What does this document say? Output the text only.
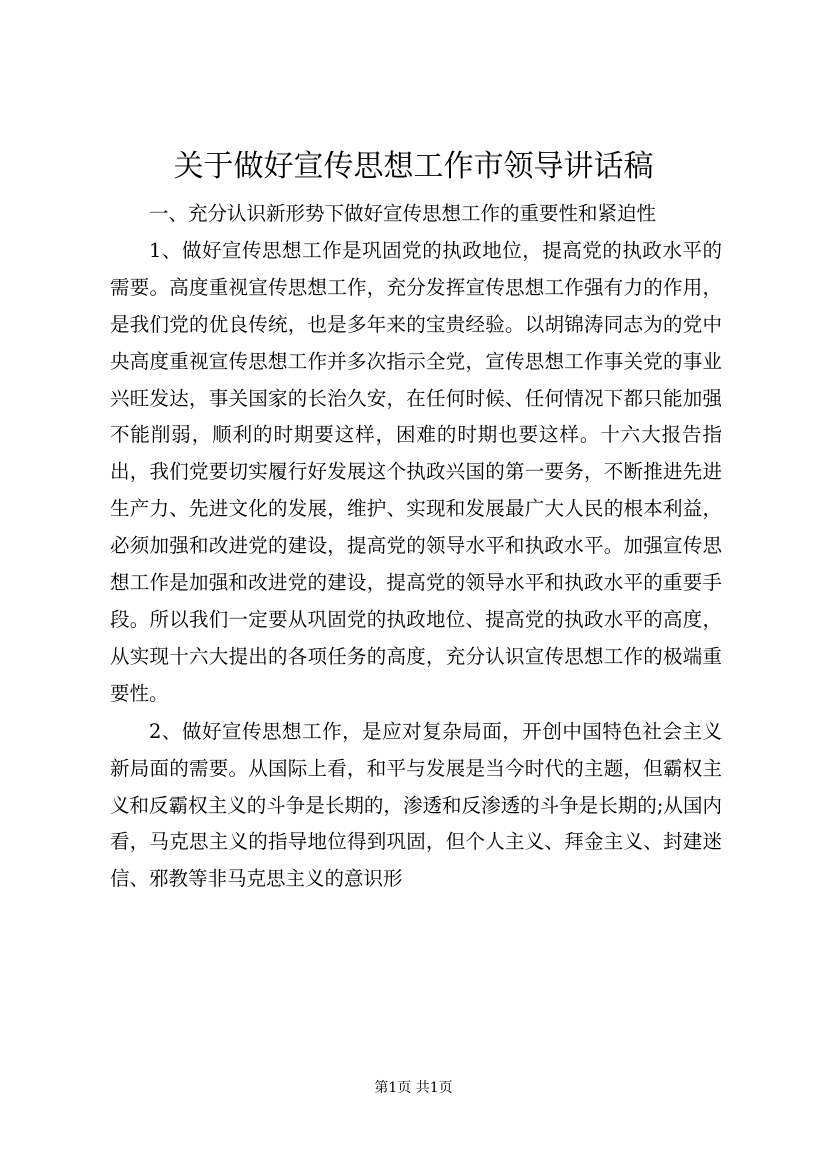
关于做好宣传思想工作市领导讲话稿

一、充分认识新形势下做好宣传思想工作的重要性和紧迫性

1、做好宣传思想工作是巩固党的执政地位，提高党的执政水平的需要。高度重视宣传思想工作，充分发挥宣传思想工作强有力的作用，是我们党的优良传统，也是多年来的宝贵经验。以胡锦涛同志为的党中央高度重视宣传思想工作并多次指示全党，宣传思想工作事关党的事业兴旺发达，事关国家的长治久安，在任何时候、任何情况下都只能加强不能削弱，顺利的时期要这样，困难的时期也要这样。十六大报告指出，我们党要切实履行好发展这个执政兴国的第一要务，不断推进先进生产力、先进文化的发展，维护、实现和发展最广大人民的根本利益，必须加强和改进党的建设，提高党的领导水平和执政水平。加强宣传思想工作是加强和改进党的建设，提高党的领导水平和执政水平的重要手段。所以我们一定要从巩固党的执政地位、提高党的执政水平的高度，从实现十六大提出的各项任务的高度，充分认识宣传思想工作的极端重要性。

2、做好宣传思想工作，是应对复杂局面，开创中国特色社会主义新局面的需要。从国际上看，和平与发展是当今时代的主题，但霸权主义和反霸权主义的斗争是长期的，渗透和反渗透的斗争是长期的;从国内看，马克思主义的指导地位得到巩固，但个人主义、拜金主义、封建迷信、邪教等非马克思主义的意识形

第1页 共1页
